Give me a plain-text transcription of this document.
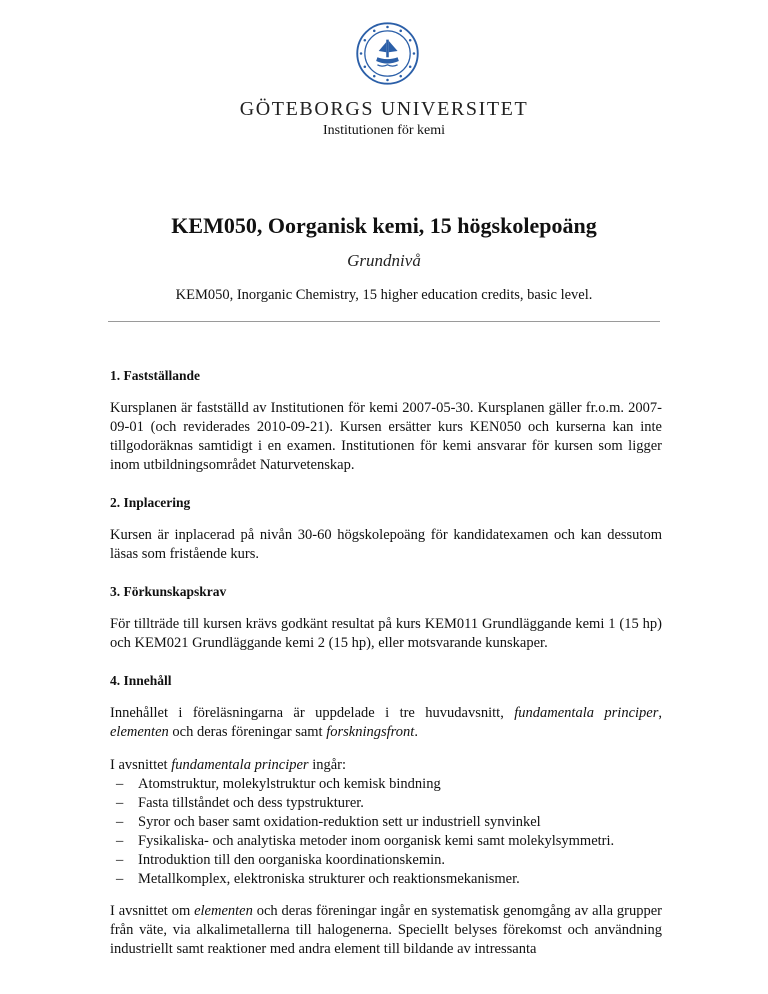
GÖTEBORGS UNIVERSITET
Institutionen för kemi
KEM050, Oorganisk kemi, 15 högskolepoäng
Grundnivå
KEM050, Inorganic Chemistry, 15 higher education credits, basic level.
1. Fastställande

Kursplanen är fastställd av Institutionen för kemi 2007-05-30. Kursplanen gäller fr.o.m. 2007-09-01 (och reviderades 2010-09-21). Kursen ersätter kurs KEN050 och kurserna kan inte tillgodoräknas samtidigt i en examen. Institutionen för kemi ansvarar för kursen som ligger inom utbildningsområdet Naturvetenskap.

2. Inplacering

Kursen är inplacerad på nivån 30-60 högskolepoäng för kandidatexamen och kan dessutom läsas som fristående kurs.

3. Förkunskapskrav

För tillträde till kursen krävs godkänt resultat på kurs KEM011 Grundläggande kemi 1 (15 hp) och KEM021 Grundläggande kemi 2 (15 hp), eller motsvarande kunskaper.

4. Innehåll

Innehållet i föreläsningarna är uppdelade i tre huvudavsnitt, fundamentala principer, elementen och deras föreningar samt forskningsfront.

I avsnittet fundamentala principer ingår:

– Atomstruktur, molekylstruktur och kemisk bindning
– Fasta tillståndet och dess typstrukturer.
– Syror och baser samt oxidation-reduktion sett ur industriell synvinkel
– Fysikaliska- och analytiska metoder inom oorganisk kemi samt molekylsymmetri.
– Introduktion till den oorganiska koordinationskemin.
– Metallkomplex, elektroniska strukturer och reaktionsmekanismer.

I avsnittet om elementen och deras föreningar ingår en systematisk genomgång av alla grupper från väte, via alkalimetallerna till halogenerna. Speciellt belyses förekomst och användning industriellt samt reaktioner med andra element till bildande av intressanta
